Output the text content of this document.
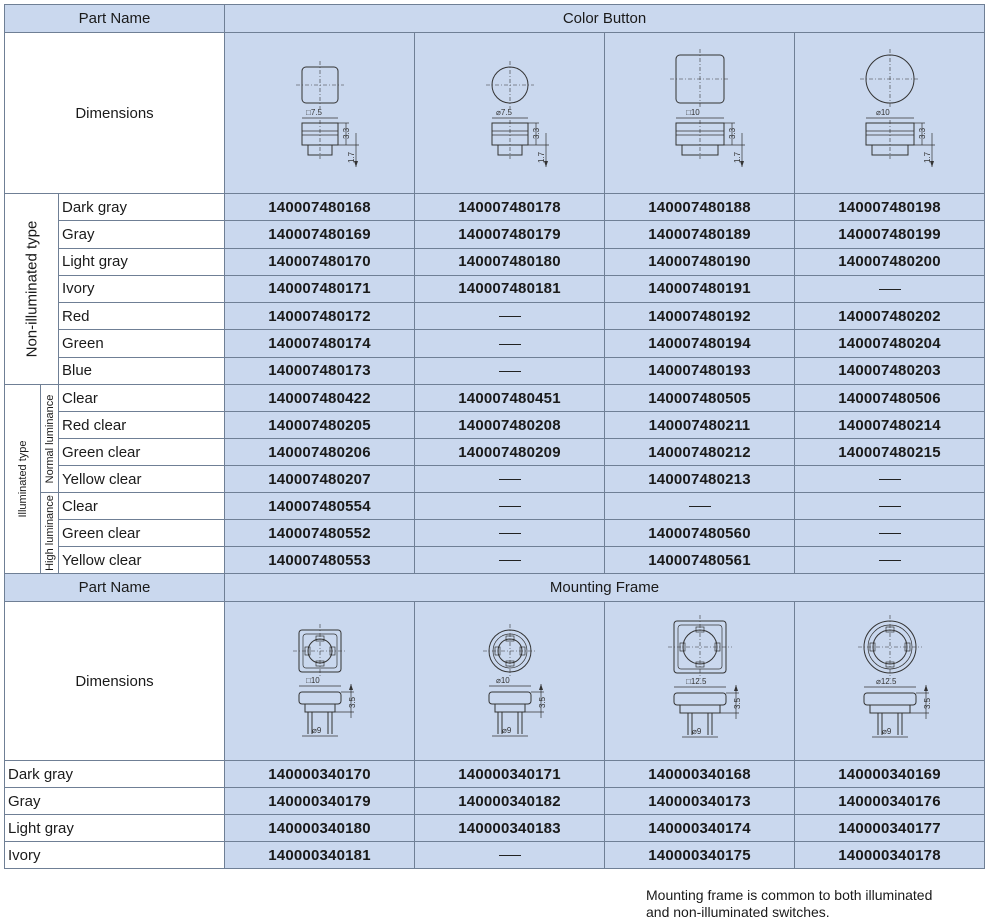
Part Name			Color Button			
Dimensions			□7.5
3.3
1.7	⌀7.5
3.3
1.7	□10
3.3
1.7	⌀10
3.3
1.7

Non-illuminated type		Dark gray	140007480168	140007480178	140007480188	140007480198
		Gray	140007480169	140007480179	140007480189	140007480199
		Light gray	140007480170	140007480180	140007480190	140007480200
		Ivory	140007480171	140007480181	140007480191	
		Red	140007480172		140007480192	140007480202
		Green	140007480174		140007480194	140007480204
		Blue	140007480173		140007480193	140007480203

Illuminated type	Normal luminance	Clear	140007480422	140007480451	140007480505	140007480506
		Red clear	140007480205	140007480208	140007480211	140007480214
		Green clear	140007480206	140007480209	140007480212	140007480215
		Yellow clear	140007480207		140007480213	

High luminance	Clear	140007480554			
		Green clear	140007480552		140007480560	
		Yellow clear	140007480553		140007480561	
Part Name			Mounting Frame			
Dimensions			□10
⌀9
3.5	⌀10
⌀9
3.5	□12.5
⌀9
3.5	⌀12.5
⌀9
3.5

Dark gray			140000340170	140000340171	140000340168	140000340169
Gray			140000340179	140000340182	140000340173	140000340176
Light gray			140000340180	140000340183	140000340174	140000340177
Ivory			140000340181		140000340175	140000340178
Mounting frame is common to both illuminated
and non-illuminated switches.
